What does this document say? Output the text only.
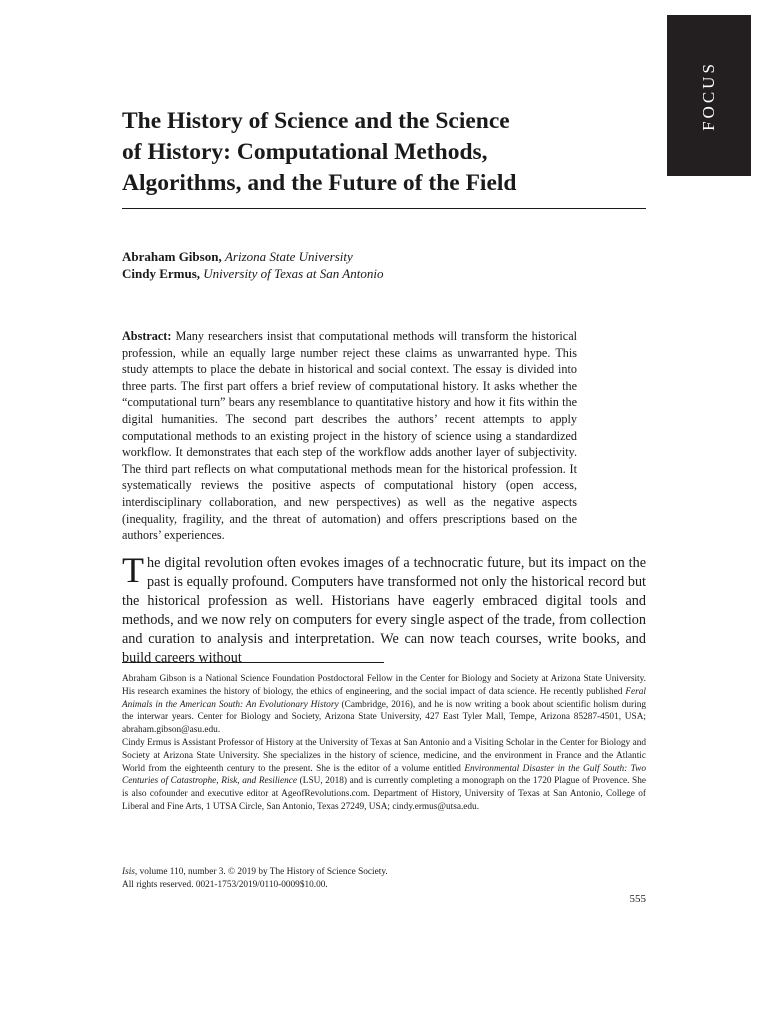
FOCUS
The History of Science and the Science
of History: Computational Methods,
Algorithms, and the Future of the Field
Abraham Gibson, Arizona State University
Cindy Ermus, University of Texas at San Antonio

Abstract: Many researchers insist that computational methods will transform the historical profession, while an equally large number reject these claims as unwarranted hype. This study attempts to place the debate in historical and social context. The essay is divided into three parts. The first part offers a brief review of computational history. It asks whether the “computational turn” bears any resemblance to quantitative history and how it fits within the digital humanities. The second part describes the authors’ recent attempts to apply computational methods to an existing project in the history of science using a standardized workflow. It demonstrates that each step of the workflow adds another layer of subjectivity. The third part reflects on what computational methods mean for the historical profession. It systematically reviews the positive aspects of computational history (open access, interdisciplinary collaboration, and new perspectives) as well as the negative aspects (inequality, fragility, and the threat of automation) and offers prescriptions based on the authors’ experiences.

The digital revolution often evokes images of a technocratic future, but its impact on the past is equally profound. Computers have transformed not only the historical record but the historical profession as well. Historians have eagerly embraced digital tools and methods, and we now rely on computers for every single aspect of the trade, from collection and curation to analysis and interpretation. We can now teach courses, write books, and build careers without

Abraham Gibson is a National Science Foundation Postdoctoral Fellow in the Center for Biology and Society at Arizona State University. His research examines the history of biology, the ethics of engineering, and the social impact of data science. He recently published Feral Animals in the American South: An Evolutionary History (Cambridge, 2016), and he is now writing a book about scientific holism during the interwar years. Center for Biology and Society, Arizona State University, 427 East Tyler Mall, Tempe, Arizona 85287-4501, USA; abraham.gibson@asu.edu.

Cindy Ermus is Assistant Professor of History at the University of Texas at San Antonio and a Visiting Scholar in the Center for Biology and Society at Arizona State University. She specializes in the history of science, medicine, and the environment in France and the Atlantic World from the eighteenth century to the present. She is the editor of a volume entitled Environmental Disaster in the Gulf South: Two Centuries of Catastrophe, Risk, and Resilience (LSU, 2018) and is currently completing a monograph on the 1720 Plague of Provence. She is also cofounder and executive editor at AgeofRevolutions.com. Department of History, University of Texas at San Antonio, College of Liberal and Fine Arts, 1 UTSA Circle, San Antonio, Texas 27249, USA; cindy.ermus@utsa.edu.

Isis, volume 110, number 3. © 2019 by The History of Science Society.

All rights reserved. 0021-1753/2019/0110-0009$10.00.

555
